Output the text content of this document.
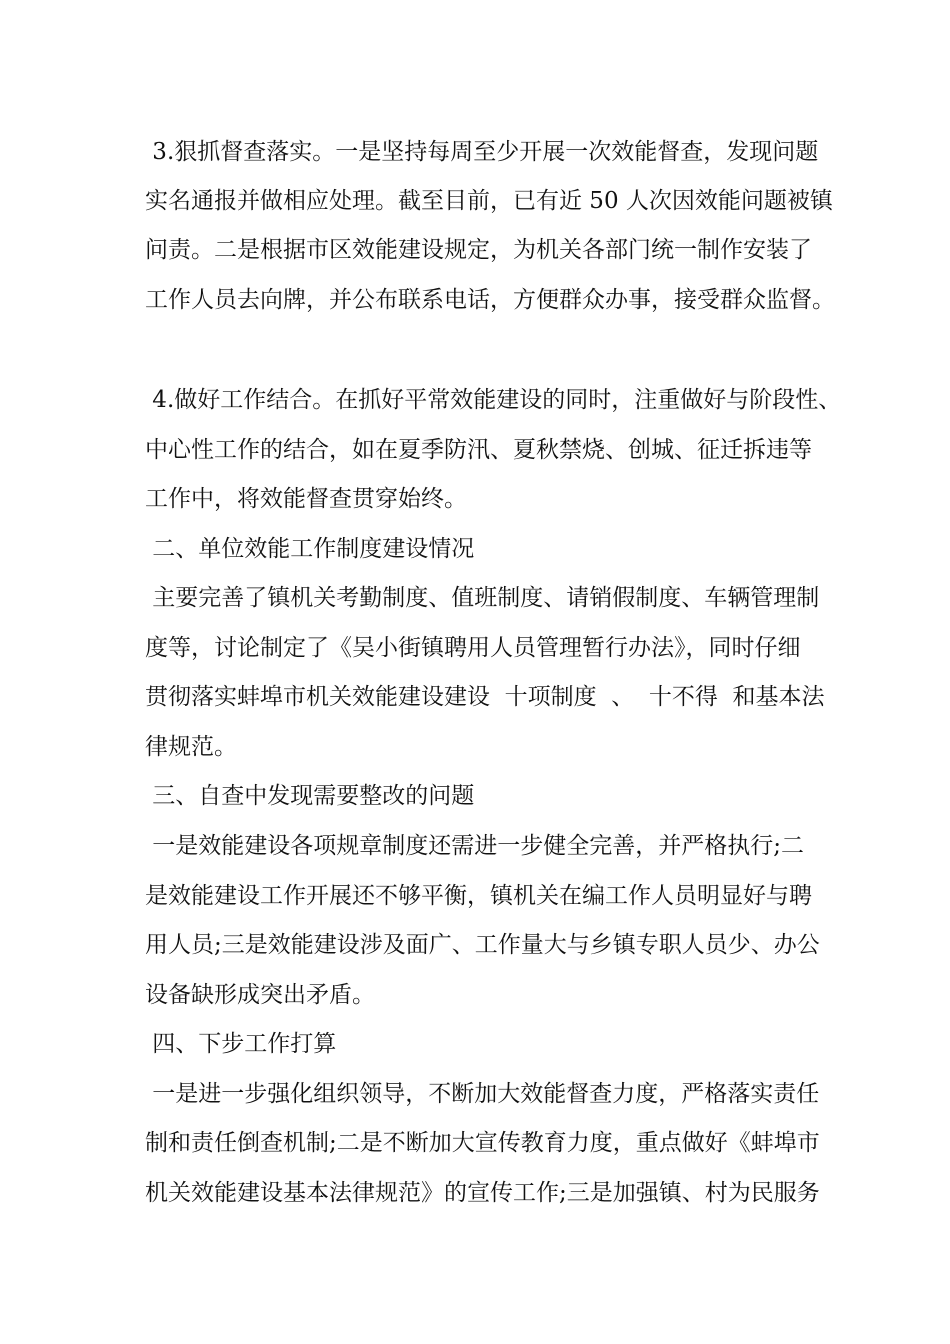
3.狠抓督查落实。一是坚持每周至少开展一次效能督查，发现问题
实名通报并做相应处理。截至目前，已有近 50 人次因效能问题被镇
问责。二是根据市区效能建设规定，为机关各部门统一制作安装了
工作人员去向牌，并公布联系电话，方便群众办事，接受群众监督。
4.做好工作结合。在抓好平常效能建设的同时，注重做好与阶段性、
中心性工作的结合，如在夏季防汛、夏秋禁烧、创城、征迁拆违等
工作中，将效能督查贯穿始终。
二、单位效能工作制度建设情况
主要完善了镇机关考勤制度、值班制度、请销假制度、车辆管理制
度等，讨论制定了《吴小街镇聘用人员管理暂行办法》，同时仔细
贯彻落实蚌埠市机关效能建设建设  十项制度  、  十不得  和基本法
律规范。
三、自查中发现需要整改的问题
一是效能建设各项规章制度还需进一步健全完善，并严格执行;二
是效能建设工作开展还不够平衡，镇机关在编工作人员明显好与聘
用人员;三是效能建设涉及面广、工作量大与乡镇专职人员少、办公
设备缺形成突出矛盾。
四、下步工作打算
一是进一步强化组织领导，不断加大效能督查力度，严格落实责任
制和责任倒查机制;二是不断加大宣传教育力度，重点做好《蚌埠市
机关效能建设基本法律规范》的宣传工作;三是加强镇、村为民服务
